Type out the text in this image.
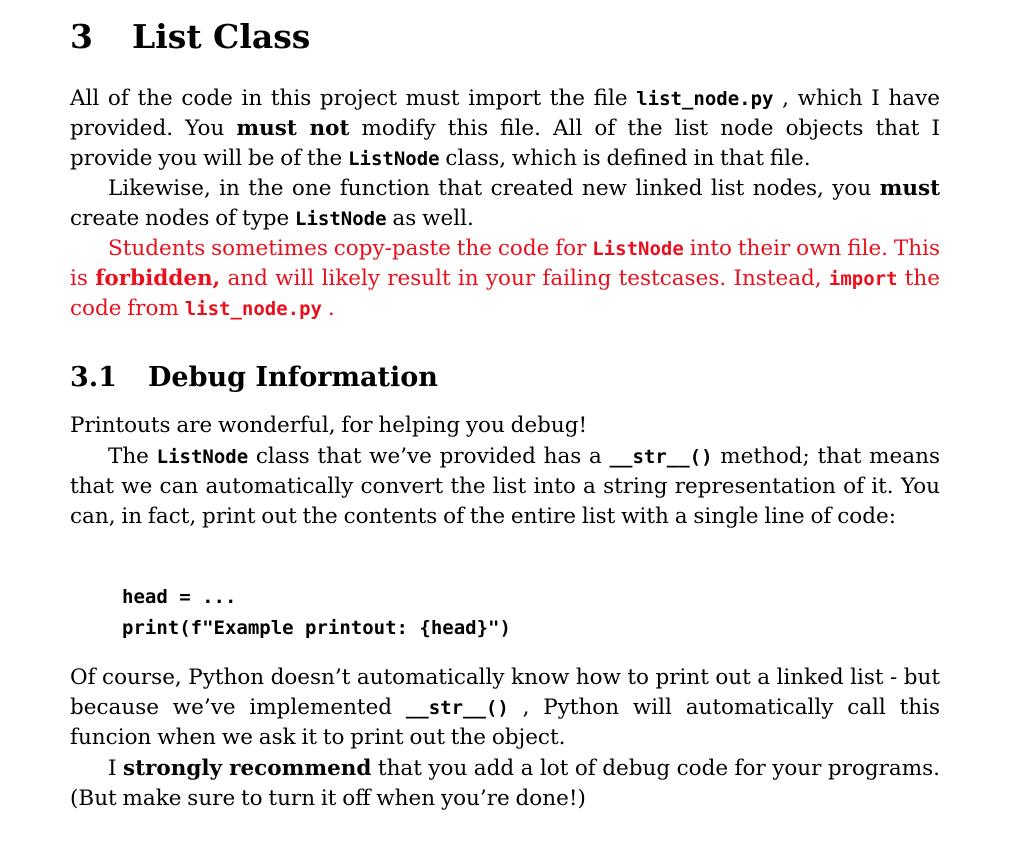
3 List Class
All of the code in this project must import the file list_node.py , which I have provided. You must not modify this file. All of the list node objects that I provide you will be of the ListNode class, which is defined in that file.
Likewise, in the one function that created new linked list nodes, you must create nodes of type ListNode as well.
Students sometimes copy-paste the code for ListNode into their own file. This is forbidden, and will likely result in your failing testcases. Instead, import the code from list_node.py .
3.1 Debug Information
Printouts are wonderful, for helping you debug!
The ListNode class that we’ve provided has a __str__() method; that means that we can automatically convert the list into a string representation of it. You can, in fact, print out the contents of the entire list with a single line of code:
head = ...
print(f"Example printout: {head}")
Of course, Python doesn’t automatically know how to print out a linked list - but because we’ve implemented __str__() , Python will automatically call this funcion when we ask it to print out the object.
I strongly recommend that you add a lot of debug code for your programs. (But make sure to turn it off when you’re done!)
